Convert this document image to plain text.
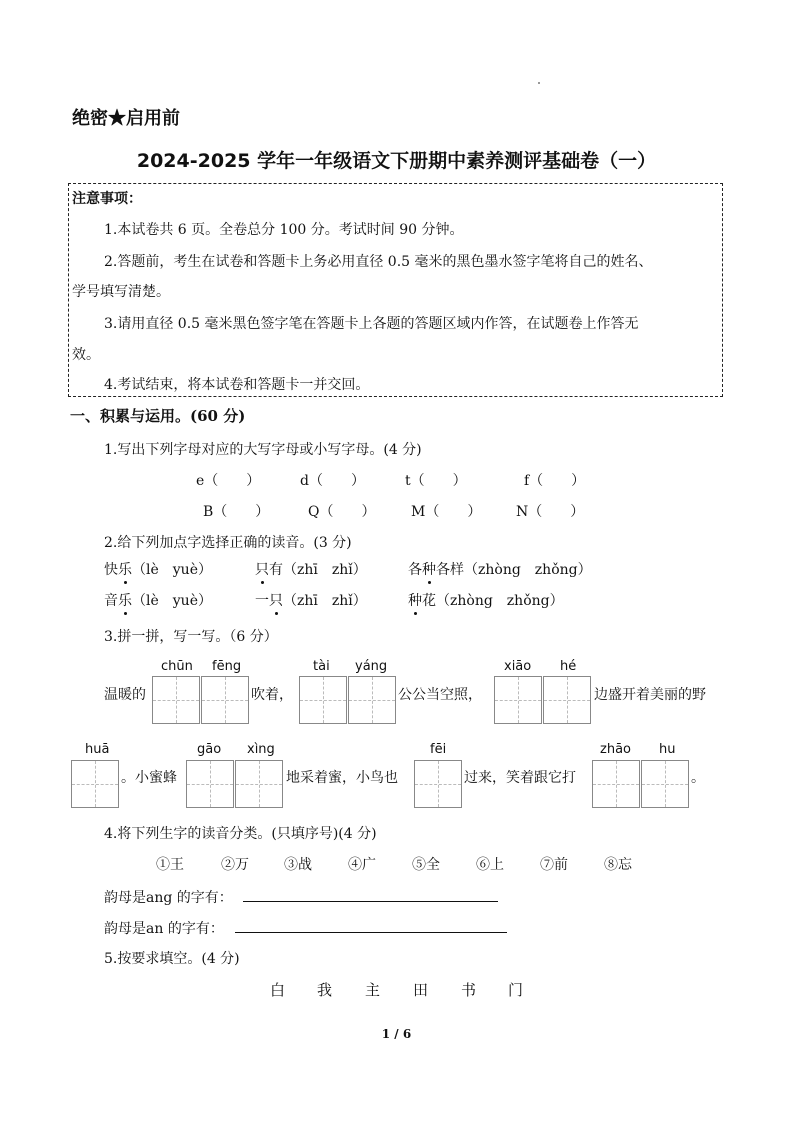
绝密★启用前
2024-2025 学年一年级语文下册期中素养测评基础卷（一）
注意事项：
1.本试卷共 6 页。全卷总分 100 分。考试时间 90 分钟。
2.答题前，考生在试卷和答题卡上务必用直径 0.5 毫米的黑色墨水签字笔将自己的姓名、
学号填写清楚。
3.请用直径 0.5 毫米黑色签字笔在答题卡上各题的答题区域内作答，在试题卷上作答无
效。
4.考试结束，将本试卷和答题卡一并交回。
一、积累与运用。(60 分)
1.写出下列字母对应的大写字母或小写字母。(4 分)
e（　　）	d（　　）	t（　　）	f（　　）
B（　　）	Q（　　）	M（　　） N（　　）
2.给下列加点字选择正确的读音。(3 分)
快乐（lè　yuè）	只有（zhī　zhǐ）	各种各样（zhòng　zhǒng）
音乐（lè　yuè）	一只（zhī　zhǐ）	种花（zhòng　zhǒng）
3.拼一拼，写一写。（6 分）
chūn fēng	tài yáng	xiāo hé
温暖的	吹着，	公公当空照，	边盛开着美丽的野
huā	gāo xìng	fēi	zhāo hu
。小蜜蜂	地采着蜜，小鸟也	过来，笑着跟它打	。
4.将下列生字的读音分类。(只填序号)(4 分)
①王	②万	③战	④广	⑤全	⑥上	⑦前	⑧忘
韵母是ang 的字有：
韵母是an 的字有：
5.按要求填空。(4 分)
白 我 主 田 书 门
1 / 6
